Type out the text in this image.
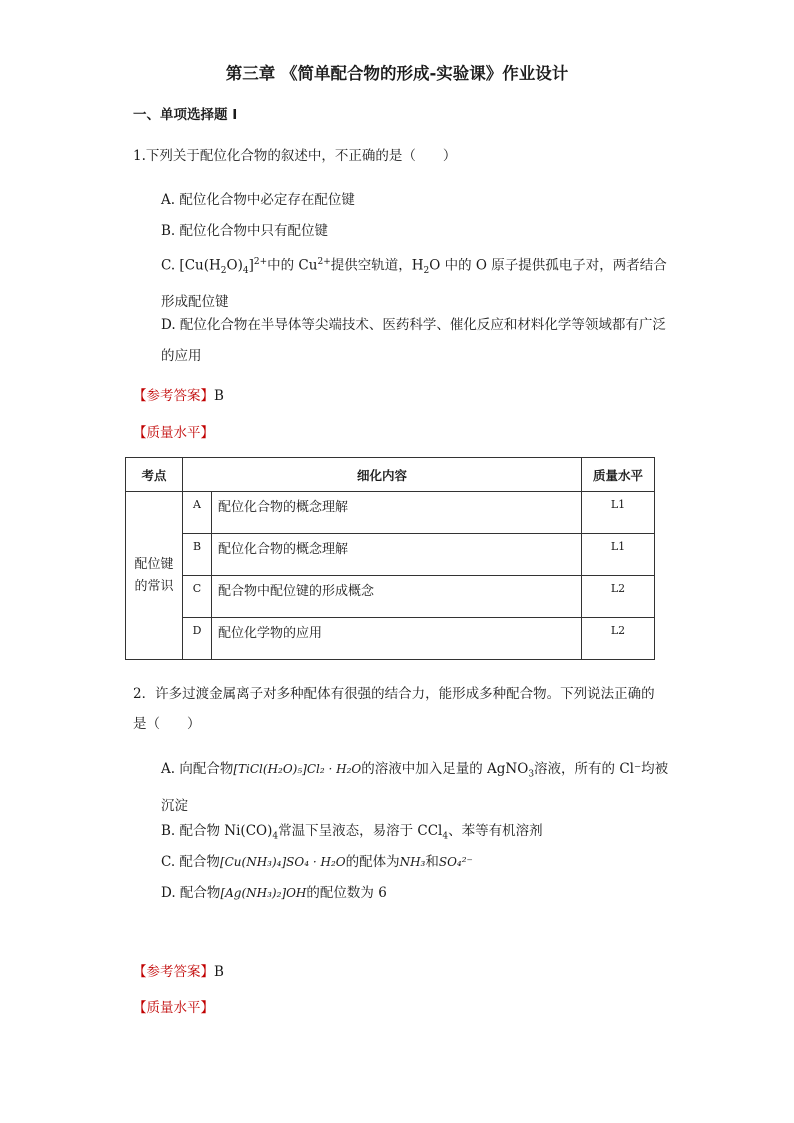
第三章 《简单配合物的形成-实验课》作业设计
一、单项选择题 I
1.下列关于配位化合物的叙述中，不正确的是（　　）
A. 配位化合物中必定存在配位键
B. 配位化合物中只有配位键
C. $[Cu(H_2O)_4]^{2+}$中的 $Cu^{2+}$提供空轨道，$H_2O$ 中的 O 原子提供孤电子对，两者结合形成配位键
D. 配位化合物在半导体等尖端技术、医药科学、催化反应和材料化学等领域都有广泛的应用
【参考答案】B
【质量水平】
考点	细化内容		质量水平
配位键的常识	A	配位化合物的概念理解	L1
	B	配位化合物的概念理解	L1
	C	配合物中配位键的形成概念	L2
	D	配位化学物的应用	L2
2．许多过渡金属离子对多种配体有很强的结合力，能形成多种配合物。下列说法正确的是（　　）
A. 向配合物[TiCl(H₂O)₅]Cl₂ · H₂O的溶液中加入足量的 AgNO$_3$溶液，所有的 Cl⁻均被沉淀
B. 配合物 $Ni(CO)_4$常温下呈液态，易溶于 CCl$_4$、苯等有机溶剂
C. 配合物[Cu(NH₃)₄]SO₄ · H₂O的配体为NH₃和SO₄²⁻
D. 配合物[Ag(NH₃)₂]OH的配位数为 6
【参考答案】B
【质量水平】
